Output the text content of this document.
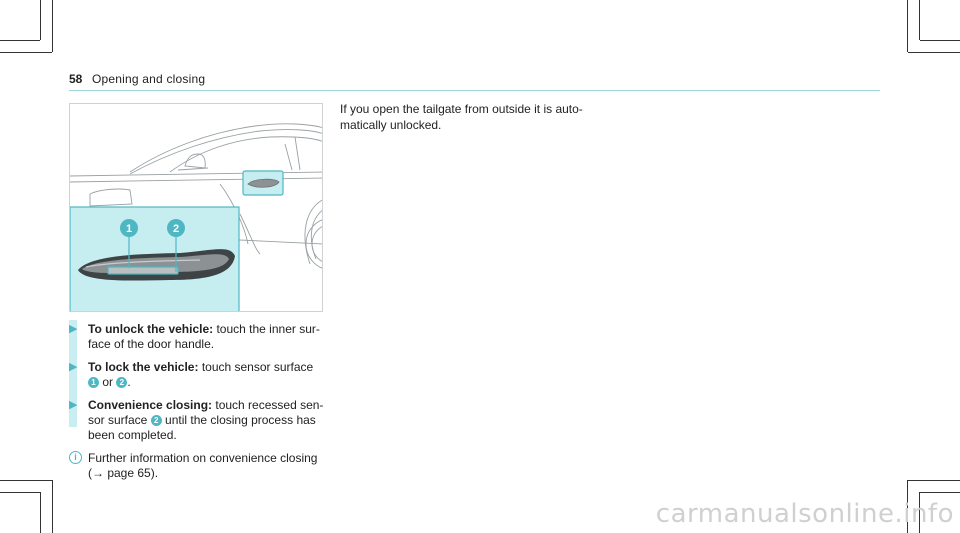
58 Opening and closing
1	2
▶ To unlock the vehicle: touch the inner sur-
face of the door handle.
▶ To lock the vehicle: touch sensor surface
1 or 2 .
▶ Convenience closing: touch recessed sen-
sor surface 2 until the closing process has
been completed.
i Further information on convenience closing
(→ page 65).
If you open the tailgate from outside it is auto-
matically unlocked.
carmanualsonline.info
